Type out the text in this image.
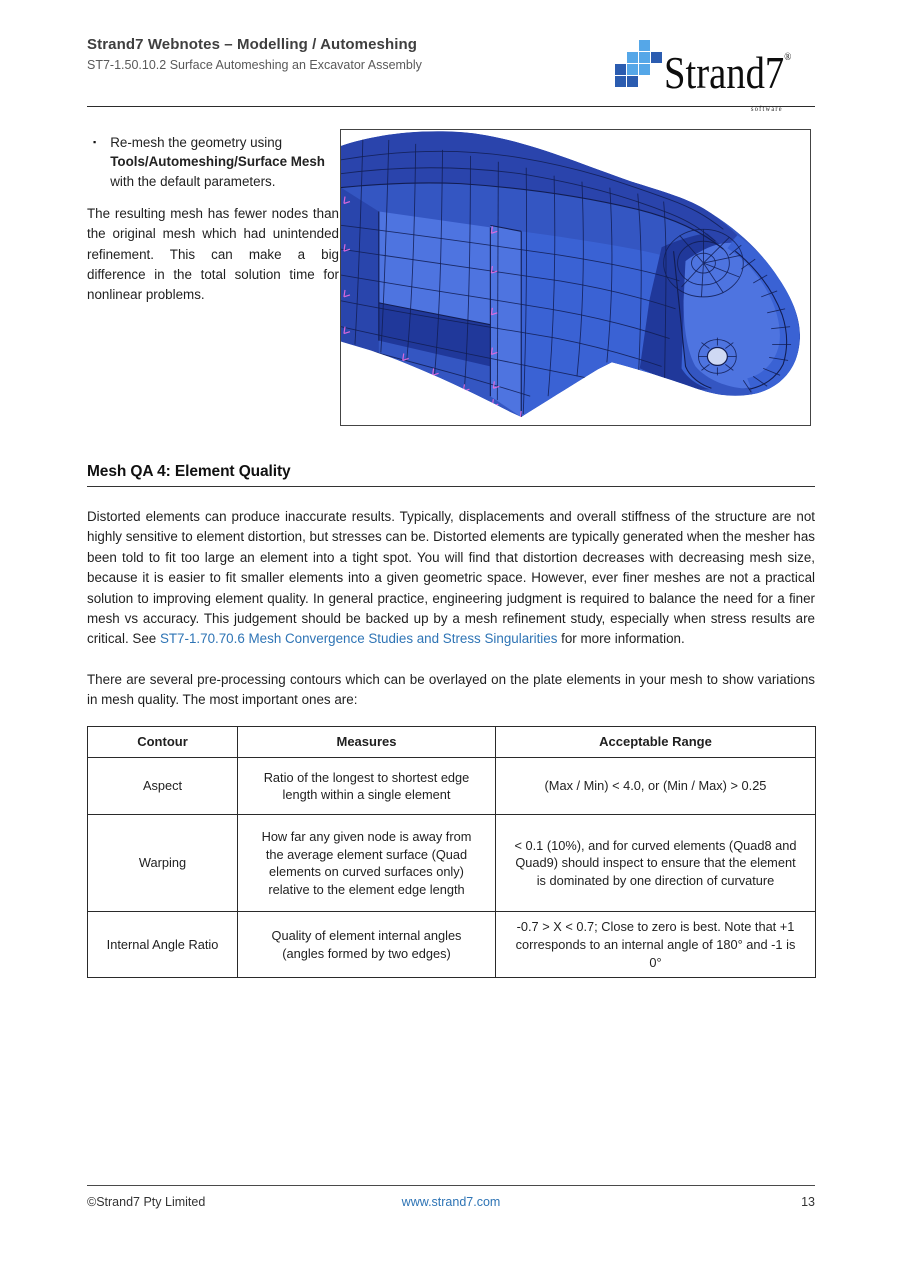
Strand7 Webnotes – Modelling / Automeshing
ST7-1.50.10.2 Surface Automeshing an Excavator Assembly	Strand7®
software
▪ Re-mesh the geometry using Tools/Automeshing/Surface Mesh with the default parameters.
The resulting mesh has fewer nodes than the original mesh which had unintended refinement. This can make a big difference in the total solution time for nonlinear problems.
Mesh QA 4: Element Quality
Distorted elements can produce inaccurate results. Typically, displacements and overall stiffness of the structure are not highly sensitive to element distortion, but stresses can be. Distorted elements are typically generated when the mesher has been told to fit too large an element into a tight spot. You will find that distortion decreases with decreasing mesh size, because it is easier to fit smaller elements into a given geometric space. However, ever finer meshes are not a practical solution to improving element quality. In general practice, engineering judgment is required to balance the need for a finer mesh vs accuracy. This judgement should be backed up by a mesh refinement study, especially when stress results are critical. See ST7-1.70.70.6 Mesh Convergence Studies and Stress Singularities for more information.
There are several pre-processing contours which can be overlayed on the plate elements in your mesh to show variations in mesh quality. The most important ones are:
Contour	Measures	Acceptable Range
Aspect	Ratio of the longest to shortest edge length within a single element	(Max / Min) < 4.0, or (Min / Max) > 0.25
Warping	How far any given node is away from the average element surface (Quad elements on curved surfaces only) relative to the element edge length	< 0.1 (10%), and for curved elements (Quad8 and Quad9) should inspect to ensure that the element is dominated by one direction of curvature
Internal Angle Ratio	Quality of element internal angles (angles formed by two edges)	-0.7 > X < 0.7; Close to zero is best. Note that +1 corresponds to an internal angle of 180° and -1 is 0°
©Strand7 Pty Limited	www.strand7.com	13
